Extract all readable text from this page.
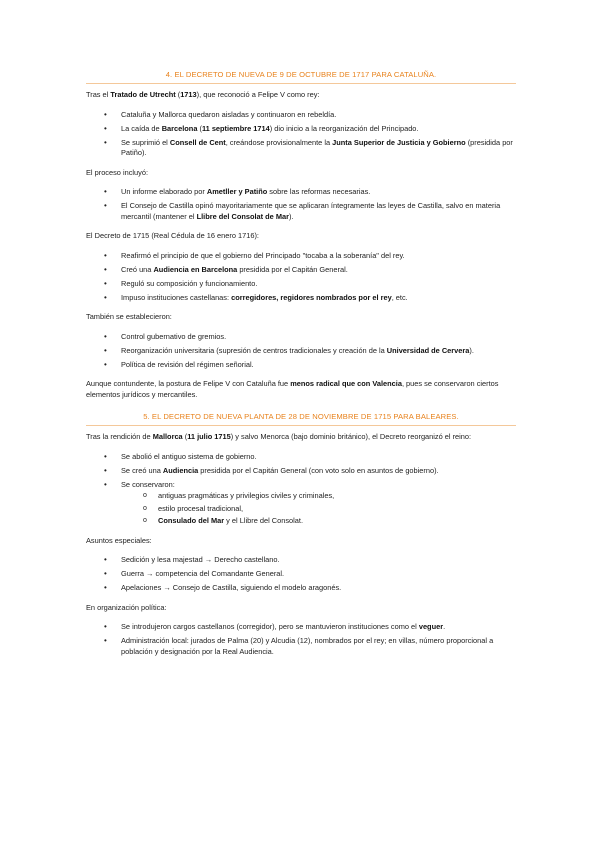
4. EL DECRETO DE NUEVA DE 9 DE OCTUBRE DE 1717 PARA CATALUÑA.

Tras el Tratado de Utrecht (1713), que reconoció a Felipe V como rey:

• Cataluña y Mallorca quedaron aisladas y continuaron en rebeldía.
• La caída de Barcelona (11 septiembre 1714) dio inicio a la reorganización del Principado.
• Se suprimió el Consell de Cent, creándose provisionalmente la Junta Superior de Justicia y Gobierno (presidida por Patiño).

El proceso incluyó:

• Un informe elaborado por Ametller y Patiño sobre las reformas necesarias.
• El Consejo de Castilla opinó mayoritariamente que se aplicaran íntegramente las leyes de Castilla, salvo en materia mercantil (mantener el Llibre del Consolat de Mar).

El Decreto de 1715 (Real Cédula de 16 enero 1716):

• Reafirmó el principio de que el gobierno del Principado "tocaba a la soberanía" del rey.
• Creó una Audiencia en Barcelona presidida por el Capitán General.
• Reguló su composición y funcionamiento.
• Impuso instituciones castellanas: corregidores, regidores nombrados por el rey, etc.

También se establecieron:

• Control gubernativo de gremios.
• Reorganización universitaria (supresión de centros tradicionales y creación de la Universidad de Cervera).
• Política de revisión del régimen señorial.

Aunque contundente, la postura de Felipe V con Cataluña fue menos radical que con Valencia, pues se conservaron ciertos elementos jurídicos y mercantiles.

5. EL DECRETO DE NUEVA PLANTA DE 28 DE NOVIEMBRE DE 1715 PARA BALEARES.

Tras la rendición de Mallorca (11 julio 1715) y salvo Menorca (bajo dominio británico), el Decreto reorganizó el reino:

• Se abolió el antiguo sistema de gobierno.
• Se creó una Audiencia presidida por el Capitán General (con voto solo en asuntos de gobierno).
• Se conservaron:
o antiguas pragmáticas y privilegios civiles y criminales,
o estilo procesal tradicional,
o Consulado del Mar y el Llibre del Consolat.

Asuntos especiales:

• Sedición y lesa majestad → Derecho castellano.
• Guerra → competencia del Comandante General.
• Apelaciones → Consejo de Castilla, siguiendo el modelo aragonés.

En organización política:

• Se introdujeron cargos castellanos (corregidor), pero se mantuvieron instituciones como el veguer.
• Administración local: jurados de Palma (20) y Alcudia (12), nombrados por el rey; en villas, número proporcional a población y designación por la Real Audiencia.
